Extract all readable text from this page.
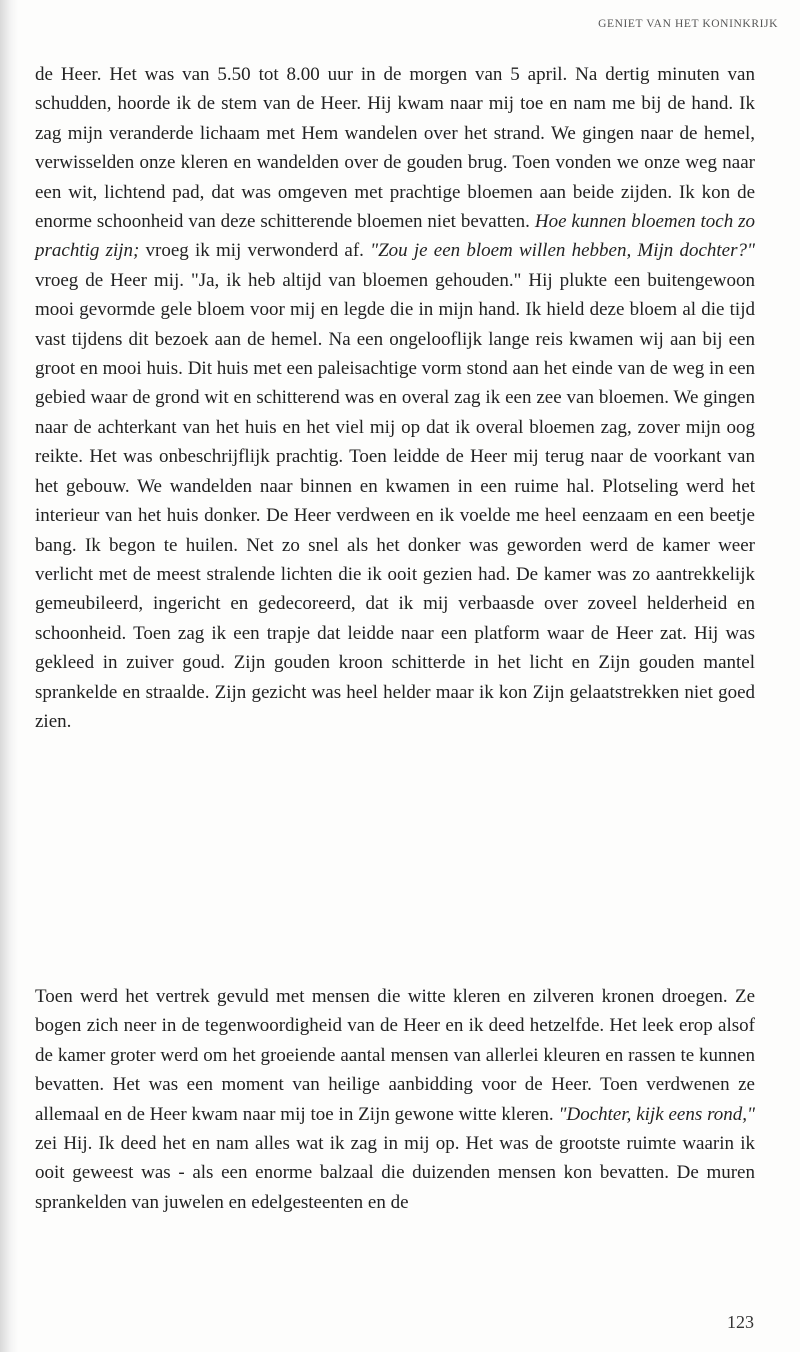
GENIET VAN HET KONINKRIJK

de Heer. Het was van 5.50 tot 8.00 uur in de morgen van 5 april. Na dertig minuten van schudden, hoorde ik de stem van de Heer. Hij kwam naar mij toe en nam me bij de hand. Ik zag mijn veranderde lichaam met Hem wandelen over het strand. We gingen naar de hemel, verwisselden onze kleren en wandelden over de gouden brug. Toen vonden we onze weg naar een wit, lichtend pad, dat was omgeven met prachtige bloemen aan beide zijden. Ik kon de enorme schoonheid van deze schitterende bloemen niet bevatten. Hoe kunnen bloemen toch zo prachtig zijn; vroeg ik mij verwonderd af. "Zou je een bloem willen hebben, Mijn dochter?" vroeg de Heer mij. "Ja, ik heb altijd van bloemen gehouden." Hij plukte een buitengewoon mooi gevormde gele bloem voor mij en legde die in mijn hand. Ik hield deze bloem al die tijd vast tijdens dit bezoek aan de hemel. Na een ongelooflijk lange reis kwamen wij aan bij een groot en mooi huis. Dit huis met een paleisachtige vorm stond aan het einde van de weg in een gebied waar de grond wit en schitterend was en overal zag ik een zee van bloemen. We gingen naar de achterkant van het huis en het viel mij op dat ik overal bloemen zag, zover mijn oog reikte. Het was onbeschrijflijk prachtig. Toen leidde de Heer mij terug naar de voorkant van het gebouw. We wandelden naar binnen en kwamen in een ruime hal. Plotseling werd het interieur van het huis donker. De Heer verdween en ik voelde me heel eenzaam en een beetje bang. Ik begon te huilen. Net zo snel als het donker was geworden werd de kamer weer verlicht met de meest stralende lichten die ik ooit gezien had. De kamer was zo aantrekkelijk gemeubileerd, ingericht en gedecoreerd, dat ik mij verbaasde over zoveel helderheid en schoonheid. Toen zag ik een trapje dat leidde naar een platform waar de Heer zat. Hij was gekleed in zuiver goud. Zijn gouden kroon schitterde in het licht en Zijn gouden mantel sprankelde en straalde. Zijn gezicht was heel helder maar ik kon Zijn gelaatstrekken niet goed zien.

Toen werd het vertrek gevuld met mensen die witte kleren en zilveren kronen droegen. Ze bogen zich neer in de tegenwoordigheid van de Heer en ik deed hetzelfde. Het leek erop alsof de kamer groter werd om het groeiende aantal mensen van allerlei kleuren en rassen te kunnen bevatten. Het was een moment van heilige aanbidding voor de Heer. Toen verdwenen ze allemaal en de Heer kwam naar mij toe in Zijn gewone witte kleren. "Dochter, kijk eens rond," zei Hij. Ik deed het en nam alles wat ik zag in mij op. Het was de grootste ruimte waarin ik ooit geweest was - als een enorme balzaal die duizenden mensen kon bevatten. De muren sprankelden van juwelen en edelgesteenten en de

123
